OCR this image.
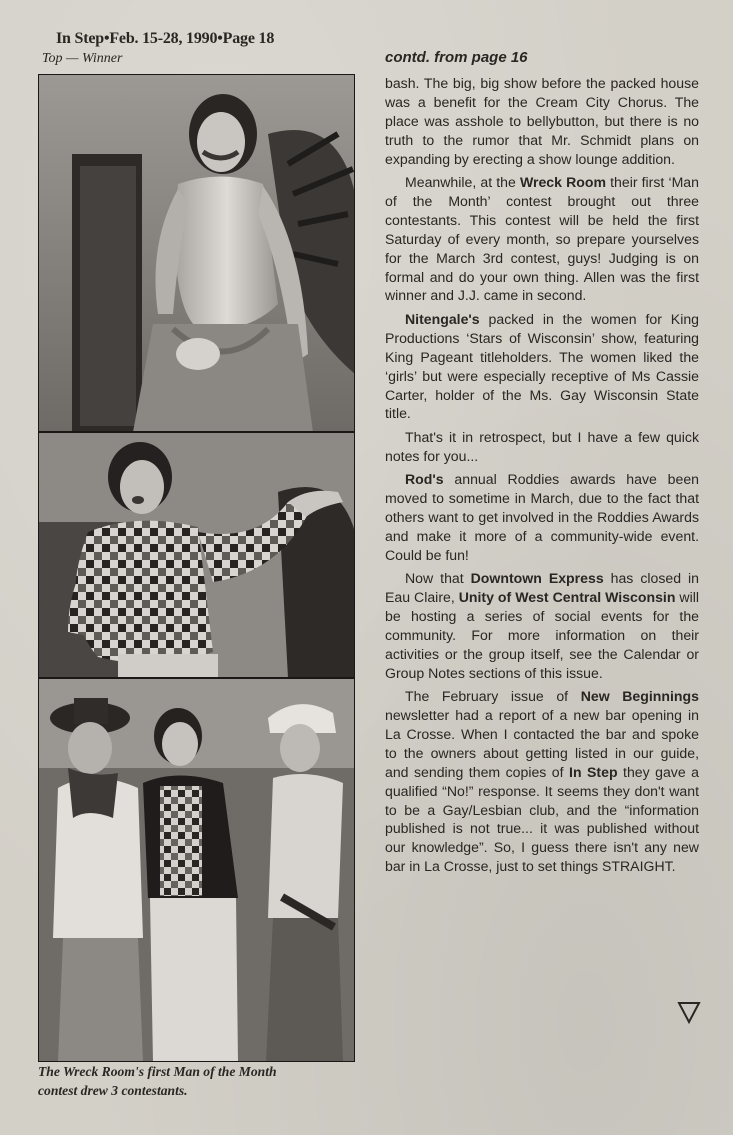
In Step•Feb. 15-28, 1990•Page 18
Top — Winner	contd. from page 16
The Wreck Room's first Man of the Month
contest drew 3 contestants.

bash. The big, big show before the packed house was a benefit for the Cream City Chorus. The place was asshole to bellybutton, but there is no truth to the rumor that Mr. Schmidt plans on expanding by erecting a show lounge addition.

Meanwhile, at the Wreck Room their first ‘Man of the Month’ contest brought out three contestants. This contest will be held the first Saturday of every month, so prepare yourselves for the March 3rd contest, guys! Judging is on formal and do your own thing. Allen was the first winner and J.J. came in second.

Nitengale's packed in the women for King Productions ‘Stars of Wisconsin’ show, featuring King Pageant titleholders. The women liked the ‘girls’ but were especially receptive of Ms Cassie Carter, holder of the Ms. Gay Wisconsin State title.

That's it in retrospect, but I have a few quick notes for you...

Rod's annual Roddies awards have been moved to sometime in March, due to the fact that others want to get involved in the Roddies Awards and make it more of a community-wide event. Could be fun!

Now that Downtown Express has closed in Eau Claire, Unity of West Central Wisconsin will be hosting a series of social events for the community. For more information on their activities or the group itself, see the Calendar or Group Notes sections of this issue.

The February issue of New Beginnings newsletter had a report of a new bar opening in La Crosse. When I contacted the bar and spoke to the owners about getting listed in our guide, and sending them copies of In Step they gave a qualified “No!” response. It seems they don't want to be a Gay/Lesbian club, and the “information published is not true... it was published without our knowledge”. So, I guess there isn't any new bar in La Crosse, just to set things STRAIGHT.
